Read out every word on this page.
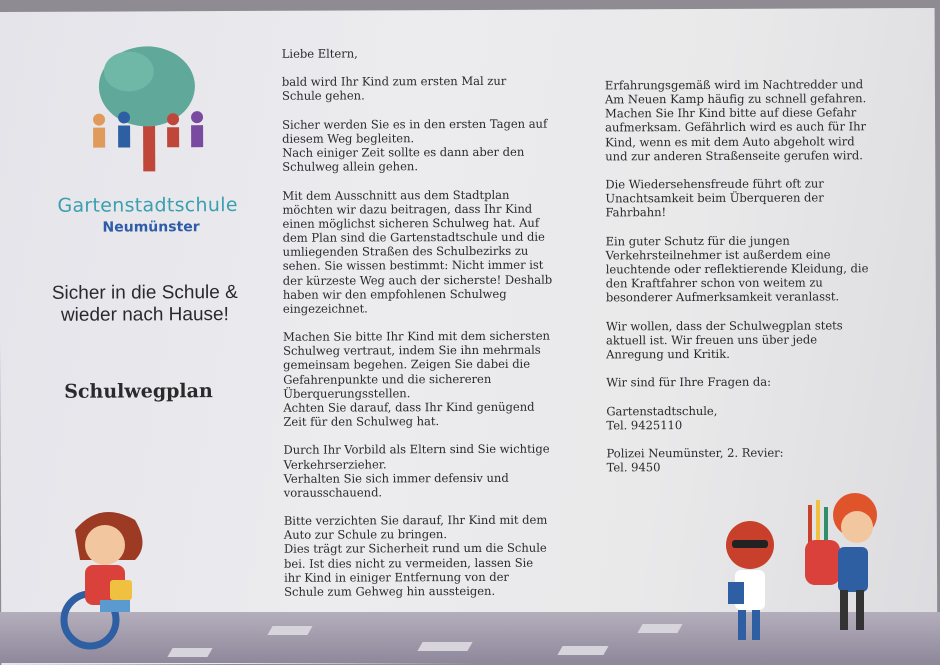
Gartenstadtschule
Neumünster
Sicher in die Schule &
wieder nach Hause!
Schulwegplan
Liebe Eltern,

bald wird Ihr Kind zum ersten Mal zur
Schule gehen.

Sicher werden Sie es in den ersten Tagen auf
diesem Weg begleiten.
Nach einiger Zeit sollte es dann aber den
Schulweg allein gehen.

Mit dem Ausschnitt aus dem Stadtplan
möchten wir dazu beitragen, dass Ihr Kind
einen möglichst sicheren Schulweg hat. Auf
dem Plan sind die Gartenstadtschule und die
umliegenden Straßen des Schulbezirks zu
sehen. Sie wissen bestimmt: Nicht immer ist
der kürzeste Weg auch der sicherste! Deshalb
haben wir den empfohlenen Schulweg
eingezeichnet.

Machen Sie bitte Ihr Kind mit dem sichersten
Schulweg vertraut, indem Sie ihn mehrmals
gemeinsam begehen. Zeigen Sie dabei die
Gefahrenpunkte und die sichereren
Überquerungsstellen.
Achten Sie darauf, dass Ihr Kind genügend
Zeit für den Schulweg hat.

Durch Ihr Vorbild als Eltern sind Sie wichtige
Verkehrserzieher.
Verhalten Sie sich immer defensiv und
vorausschauend.

Bitte verzichten Sie darauf, Ihr Kind mit dem
Auto zur Schule zu bringen.
Dies trägt zur Sicherheit rund um die Schule
bei. Ist dies nicht zu vermeiden, lassen Sie
ihr Kind in einiger Entfernung von der
Schule zum Gehweg hin aussteigen.
Erfahrungsgemäß wird im Nachtredder und
Am Neuen Kamp häufig zu schnell gefahren.
Machen Sie Ihr Kind bitte auf diese Gefahr
aufmerksam. Gefährlich wird es auch für Ihr
Kind, wenn es mit dem Auto abgeholt wird
und zur anderen Straßenseite gerufen wird.

Die Wiedersehensfreude führt oft zur
Unachtsamkeit beim Überqueren der
Fahrbahn!

Ein guter Schutz für die jungen
Verkehrsteilnehmer ist außerdem eine
leuchtende oder reflektierende Kleidung, die
den Kraftfahrer schon von weitem zu
besonderer Aufmerksamkeit veranlasst.

Wir wollen, dass der Schulwegplan stets
aktuell ist. Wir freuen uns über jede
Anregung und Kritik.

Wir sind für Ihre Fragen da:

Gartenstadtschule,
Tel. 9425110

Polizei Neumünster, 2. Revier:
Tel. 9450
